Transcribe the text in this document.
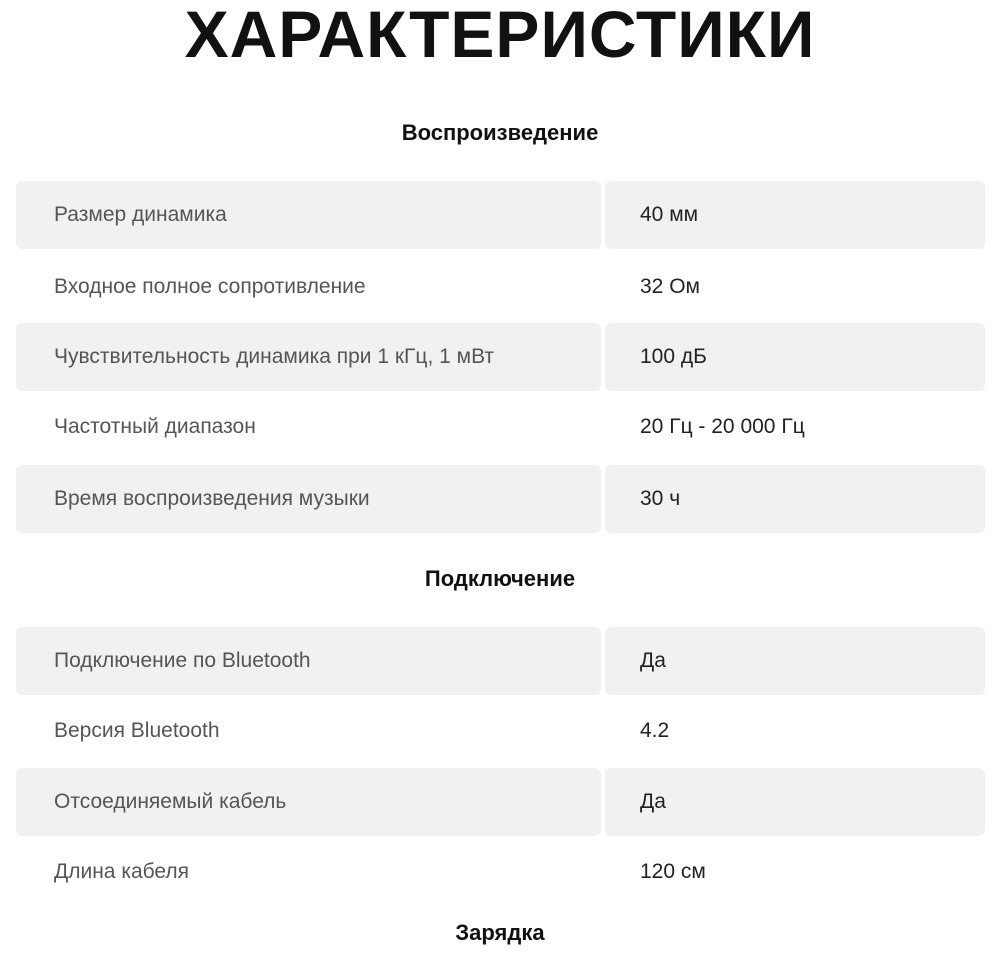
ХАРАКТЕРИСТИКИ
Воспроизведение
Размер динамика	40 мм
Входное полное сопротивление	32 Ом
Чувствительность динамика при 1 кГц, 1 мВт	100 дБ
Частотный диапазон	20 Гц - 20 000 Гц
Время воспроизведения музыки	30 ч
Подключение
Подключение по Bluetooth	Да
Версия Bluetooth	4.2
Отсоединяемый кабель	Да
Длина кабеля	120 см
Зарядка
